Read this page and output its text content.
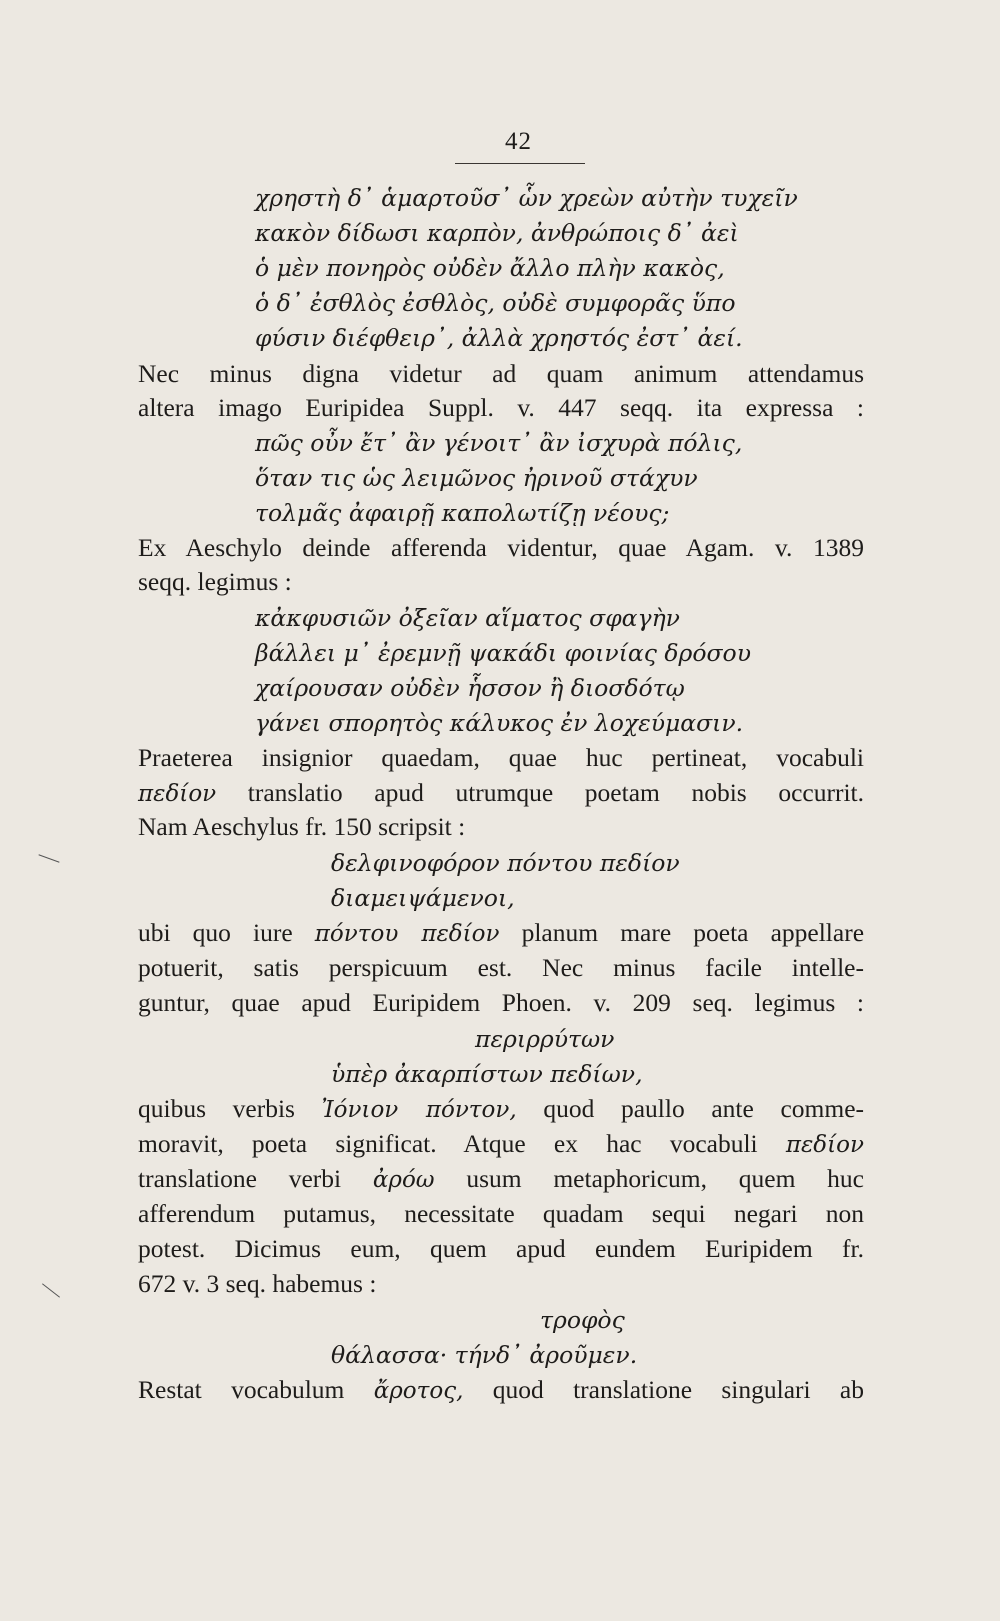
42
χρηστὴ δ᾽ ἁμαρτοῦσ᾽ ὧν χρεὼν αὐτὴν τυχεῖν
κακὸν δίδωσι καρπὸν, ἀνθρώποις δ᾽ ἀεὶ
ὁ μὲν πονηρὸς οὐδὲν ἄλλο πλὴν κακὸς,
ὁ δ᾽ ἐσθλὸς ἐσθλὸς, οὐδὲ συμφορᾶς ὕπο
φύσιν διέφθειρ᾽, ἀλλὰ χρηστός ἐστ᾽ ἀεί.
Nec minus digna videtur ad quam animum attendamus
altera imago Euripidea Suppl. v. 447 seqq. ita expressa :
πῶς οὖν ἔτ᾽ ἂν γένοιτ᾽ ἂν ἰσχυρὰ πόλις,
ὅταν τις ὡς λειμῶνος ἠρινοῦ στάχυν
τολμᾶς ἀφαιρῇ καπολωτίζῃ νέους;
Ex Aeschylo deinde afferenda videntur, quae Agam. v. 1389
seqq. legimus :
κἀκφυσιῶν ὀξεῖαν αἵματος σφαγὴν
βάλλει μ᾽ ἐρεμνῇ ψακάδι φοινίας δρόσου
χαίρουσαν οὐδὲν ἧσσον ἢ διοσδότῳ
γάνει σπορητὸς κάλυκος ἐν λοχεύμασιν.
Praeterea insignior quaedam, quae huc pertineat, vocabuli
πεδίον translatio apud utrumque poetam nobis occurrit.
Nam Aeschylus fr. 150 scripsit :
δελφινοφόρον πόντου πεδίον
διαμειψάμενοι,
ubi quo iure πόντου πεδίον planum mare poeta appellare
potuerit, satis perspicuum est. Nec minus facile intelle-
guntur, quae apud Euripidem Phoen. v. 209 seq. legimus :
περιρρύτων
ὑπὲρ ἀκαρπίστων πεδίων,
quibus verbis Ἰόνιον πόντον, quod paullo ante comme-
moravit, poeta significat. Atque ex hac vocabuli πεδίον
translatione verbi ἀρόω usum metaphoricum, quem huc
afferendum putamus, necessitate quadam sequi negari non
potest. Dicimus eum, quem apud eundem Euripidem fr.
672 v. 3 seq. habemus :
τροφὸς
θάλασσα· τήνδ᾽ ἀροῦμεν.
Restat vocabulum ἄροτος, quod translatione singulari ab
